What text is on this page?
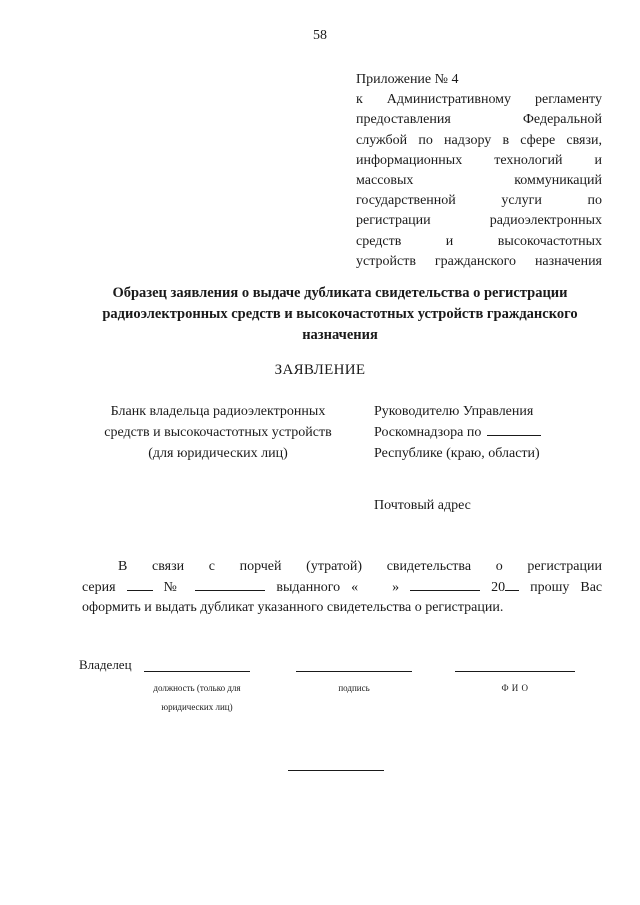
58
Приложение № 4
к Административному регламенту
предоставления Федеральной
службой по надзору в сфере связи,
информационных технологий и
массовых коммуникаций
государственной услуги по
регистрации радиоэлектронных
средств и высокочастотных
устройств гражданского назначения
Образец заявления о выдаче дубликата свидетельства о регистрации
радиоэлектронных средств и высокочастотных устройств гражданского
назначения
ЗАЯВЛЕНИЕ
Бланк владельца радиоэлектронных
средств и высокочастотных устройств
(для юридических лиц)
Руководителю Управления
Роскомнадзора по
Республике (краю, области)
Почтовый адрес
В связи с порчей (утратой) свидетельства о регистрации
серия	№	выданного « »	20 прошу Вас
оформить и выдать дубликат указанного свидетельства о регистрации.
Владелец
должность (только для
юридических лиц)
подпись	Ф И О
